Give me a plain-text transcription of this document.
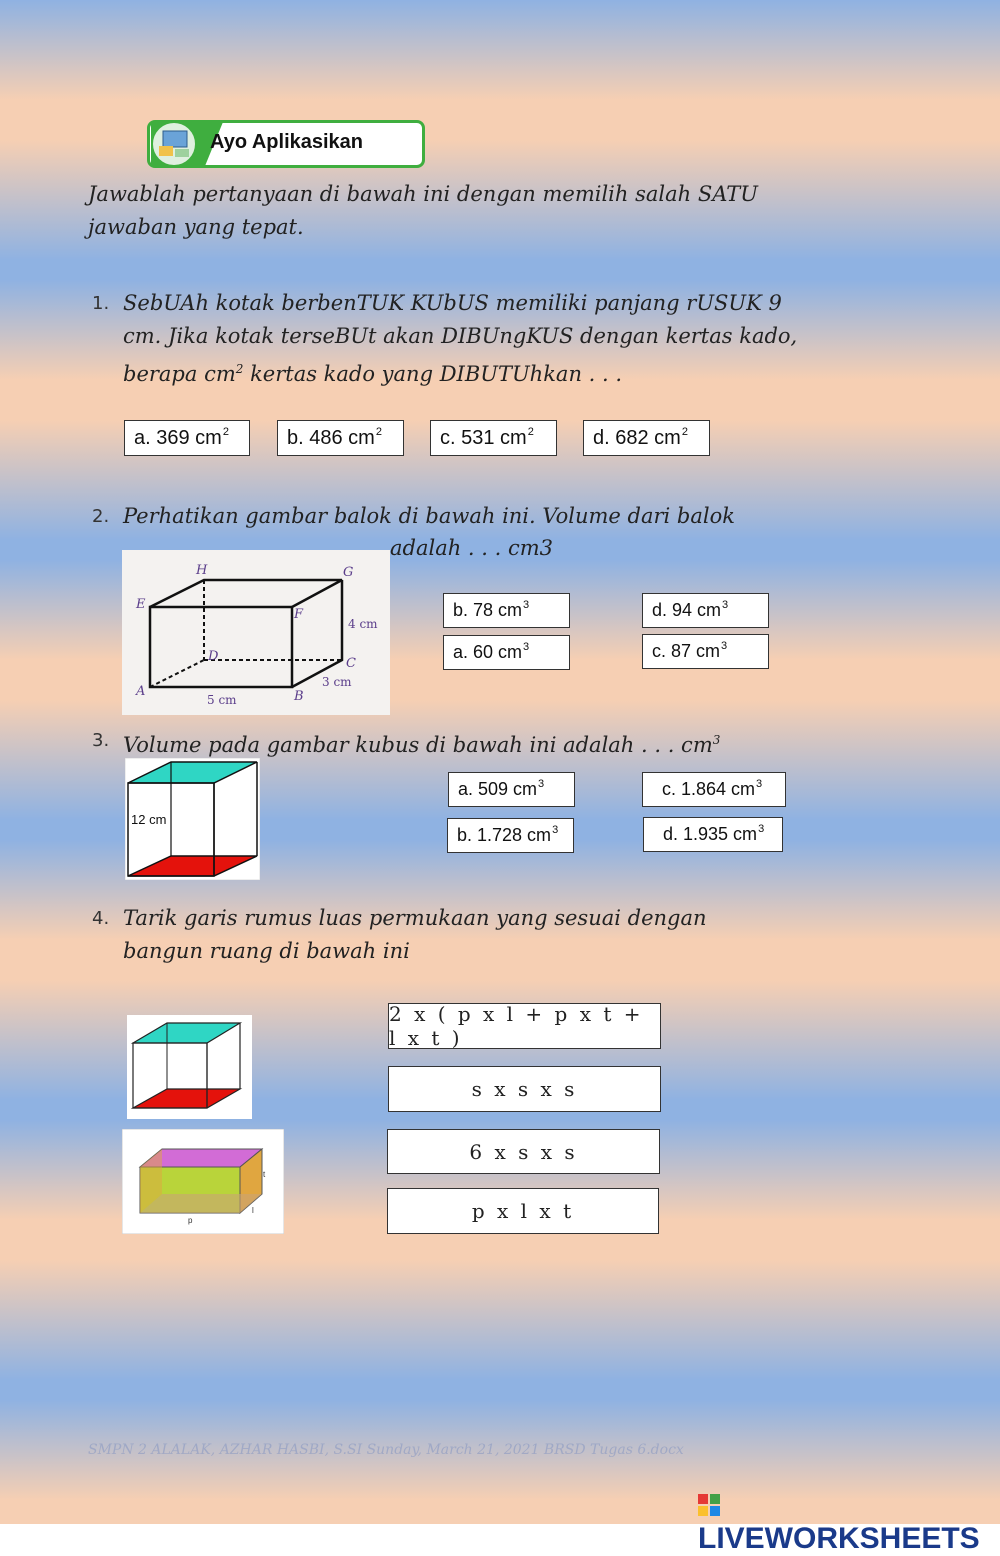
Ayo Aplikasikan
Jawablah pertanyaan di bawah ini dengan memilih salah SATU
jawaban yang tepat.
1. SebUAh kotak berbenTUK KUbUS memiliki panjang rUSUK 9
cm. Jika kotak terseBUt akan DIBUngKUS dengan kertas kado,
berapa $cm^2$ kertas kado yang DIBUTUhkan . . .
a. 369 $cm^2$	b. 486 $cm^2$	c. 531 $cm^2$	d. 682 $cm^2$
2. Perhatikan gambar balok di bawah ini. Volume dari balok
adalah . . . cm3
H	G
E
F
D	C
A	B
4 cm
3 cm
5 cm
b. 78 $cm^3$	d. 94 $cm^3$
a. 60 $cm^3$	c. 87 $cm^3$
3. Volume pada gambar kubus di bawah ini adalah . . . $cm^3$
12 cm
a. 509 $cm^3$	c. 1.864 $cm^3$
b. 1.728 $cm^3$	d. 1.935 $cm^3$
4. Tarik garis rumus luas permukaan yang sesuai dengan
bangun ruang di bawah ini
p
t
l
2 x ( p x l + p x t + l x t )
s x s x s
6 x s x s
p x l x t
SMPN 2 ALALAK, AZHAR HASBI, S.SI Sunday, March 21, 2021 BRSD Tugas 6.docx
LIVEWORKSHEETS
